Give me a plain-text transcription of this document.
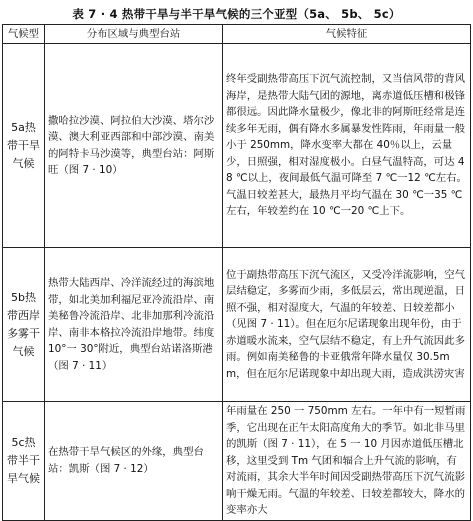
表 7 · 4 热带干旱与半干旱气候的三个亚型（5a、 5b、 5c）
气候型	分布区域与典型台站	气候特征
5a热带干旱气候	撒哈拉沙漠、阿拉伯大沙漠、塔尔沙漠、澳大利亚西部和中部沙漠、南美的阿特卡马沙漠等，典型台站：阿斯旺（图 7 · 10）	终年受副热带高压下沉气流控制，又当信风带的背风海岸，是热带大陆气团的源地，离赤道低压槽和极锋都很远。因此降水量极少，像北非的阿斯旺经常是连续多年无雨，偶有降水多属暴发性阵雨，年雨量一般小于 250mm，降水变率大都在 40％以上，云量少，日照强，相对湿度极小。白昼气温特高，可达 48 ℃以上，夜间最低气温可降至 7 ℃一12 ℃左右。气温日较差甚大，最热月平均气温在 30 ℃一35 ℃左右，年较差约在 10 ℃一20 ℃上下。
5b热带西岸多雾干气候	热带大陆西岸、冷洋流经过的海滨地带，如北美加利福尼亚冷流沿岸、南美秘鲁冷流沿岸、北非加那利冷流沿岸、南非本格拉冷流沿岸地带。纬度 10°一 30°附近，典型台站诺洛斯港（图 7 · 11）	位于副热带高压下沉气流区，又受冷洋流影响，空气层结稳定，多雾而少雨，多低层云，常出现逆温，日照不强，相对湿度大，气温的年较差、日较差都小（见图 7 · 11）。但在厄尔尼诺现象出现年份，由于赤道暖水流来，空气层结不稳定，有上升气流因此多雨。例如南美秘鲁的卡亚俄常年降水量仅 30.5mm，但在厄尔尼诺现象中却出现大雨，造成洪涝灾害
5c热带半干旱气候	在热带干旱气候区的外缘，典型台站：凯斯（图 7 · 12）	年雨量在 250 一 750mm 左右。一年中有一短暂雨季，它出现在正午太阳高度角大的季节。如北非马里的凯斯（图 7 · 11），在 5 一 10 月因赤道低压槽北移，这里受到 Tm 气团和辐合上升气流的影响，有对流雨，其余大半年时间因受副热带高压下沉气流影响干燥无雨。气温的年较差、日较差都较大，降水的变率亦大
